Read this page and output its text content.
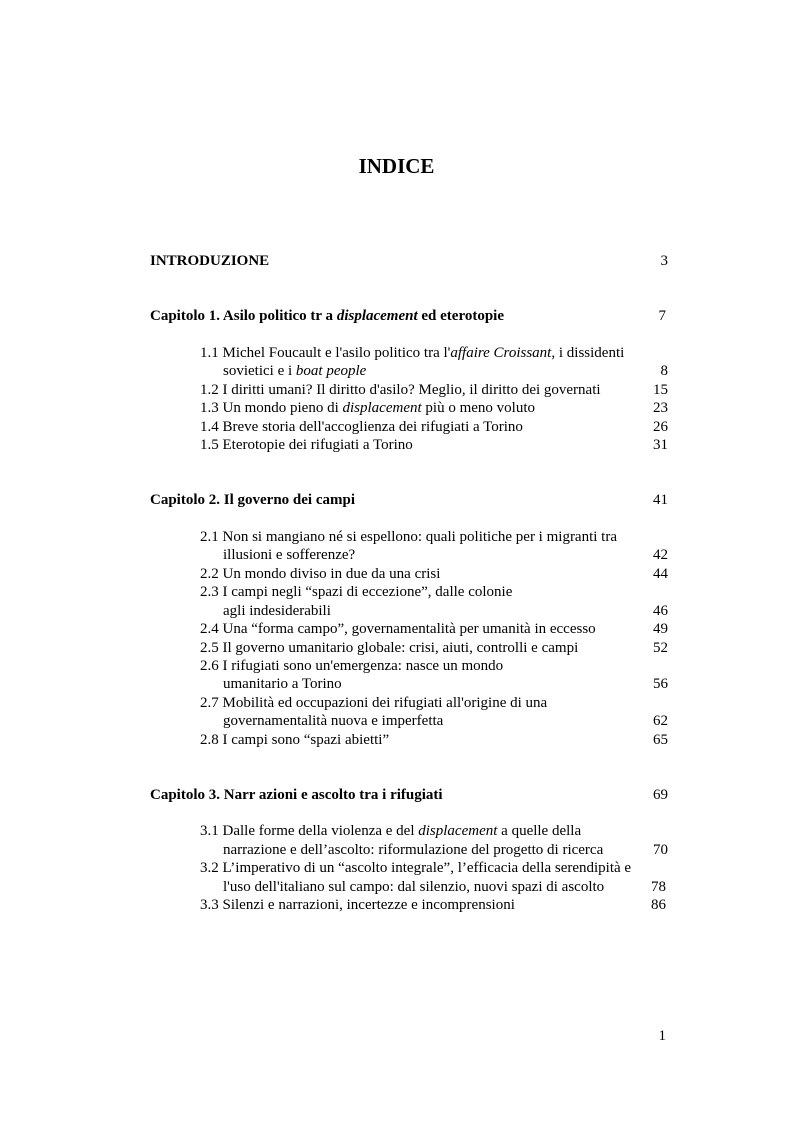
INDICE
INTRODUZIONE	3
Capitolo 1. Asilo politico tr a displacement ed eterotopie	7
1.1 Michel Foucault e l'asilo politico tra l'affaire Croissant, i dissidenti
sovietici e i boat people	8
1.2 I diritti umani? Il diritto d'asilo? Meglio, il diritto dei governati	15
1.3 Un mondo pieno di displacement più o meno voluto	23
1.4 Breve storia dell'accoglienza dei rifugiati a Torino	26
1.5 Eterotopie dei rifugiati a Torino	31
Capitolo 2. Il governo dei campi	41
2.1 Non si mangiano né si espellono: quali politiche per i migranti tra
illusioni e sofferenze?	42
2.2 Un mondo diviso in due da una crisi	44
2.3 I campi negli “spazi di eccezione”, dalle colonie
agli indesiderabili	46
2.4 Una “forma campo”, governamentalità per umanità in eccesso	49
2.5 Il governo umanitario globale: crisi, aiuti, controlli e campi	52
2.6 I rifugiati sono un'emergenza: nasce un mondo
umanitario a Torino	56
2.7 Mobilità ed occupazioni dei rifugiati all'origine di una
governamentalità nuova e imperfetta	62
2.8 I campi sono “spazi abietti”	65
Capitolo 3. Narr azioni e ascolto tra i rifugiati	69
3.1 Dalle forme della violenza e del displacement a quelle della
narrazione e dell’ascolto: riformulazione del progetto di ricerca	70
3.2 L’imperativo di un “ascolto integrale”, l’efficacia della serendipità e
l'uso dell'italiano sul campo: dal silenzio, nuovi spazi di ascolto	78
3.3 Silenzi e narrazioni, incertezze e incomprensioni	86
1
